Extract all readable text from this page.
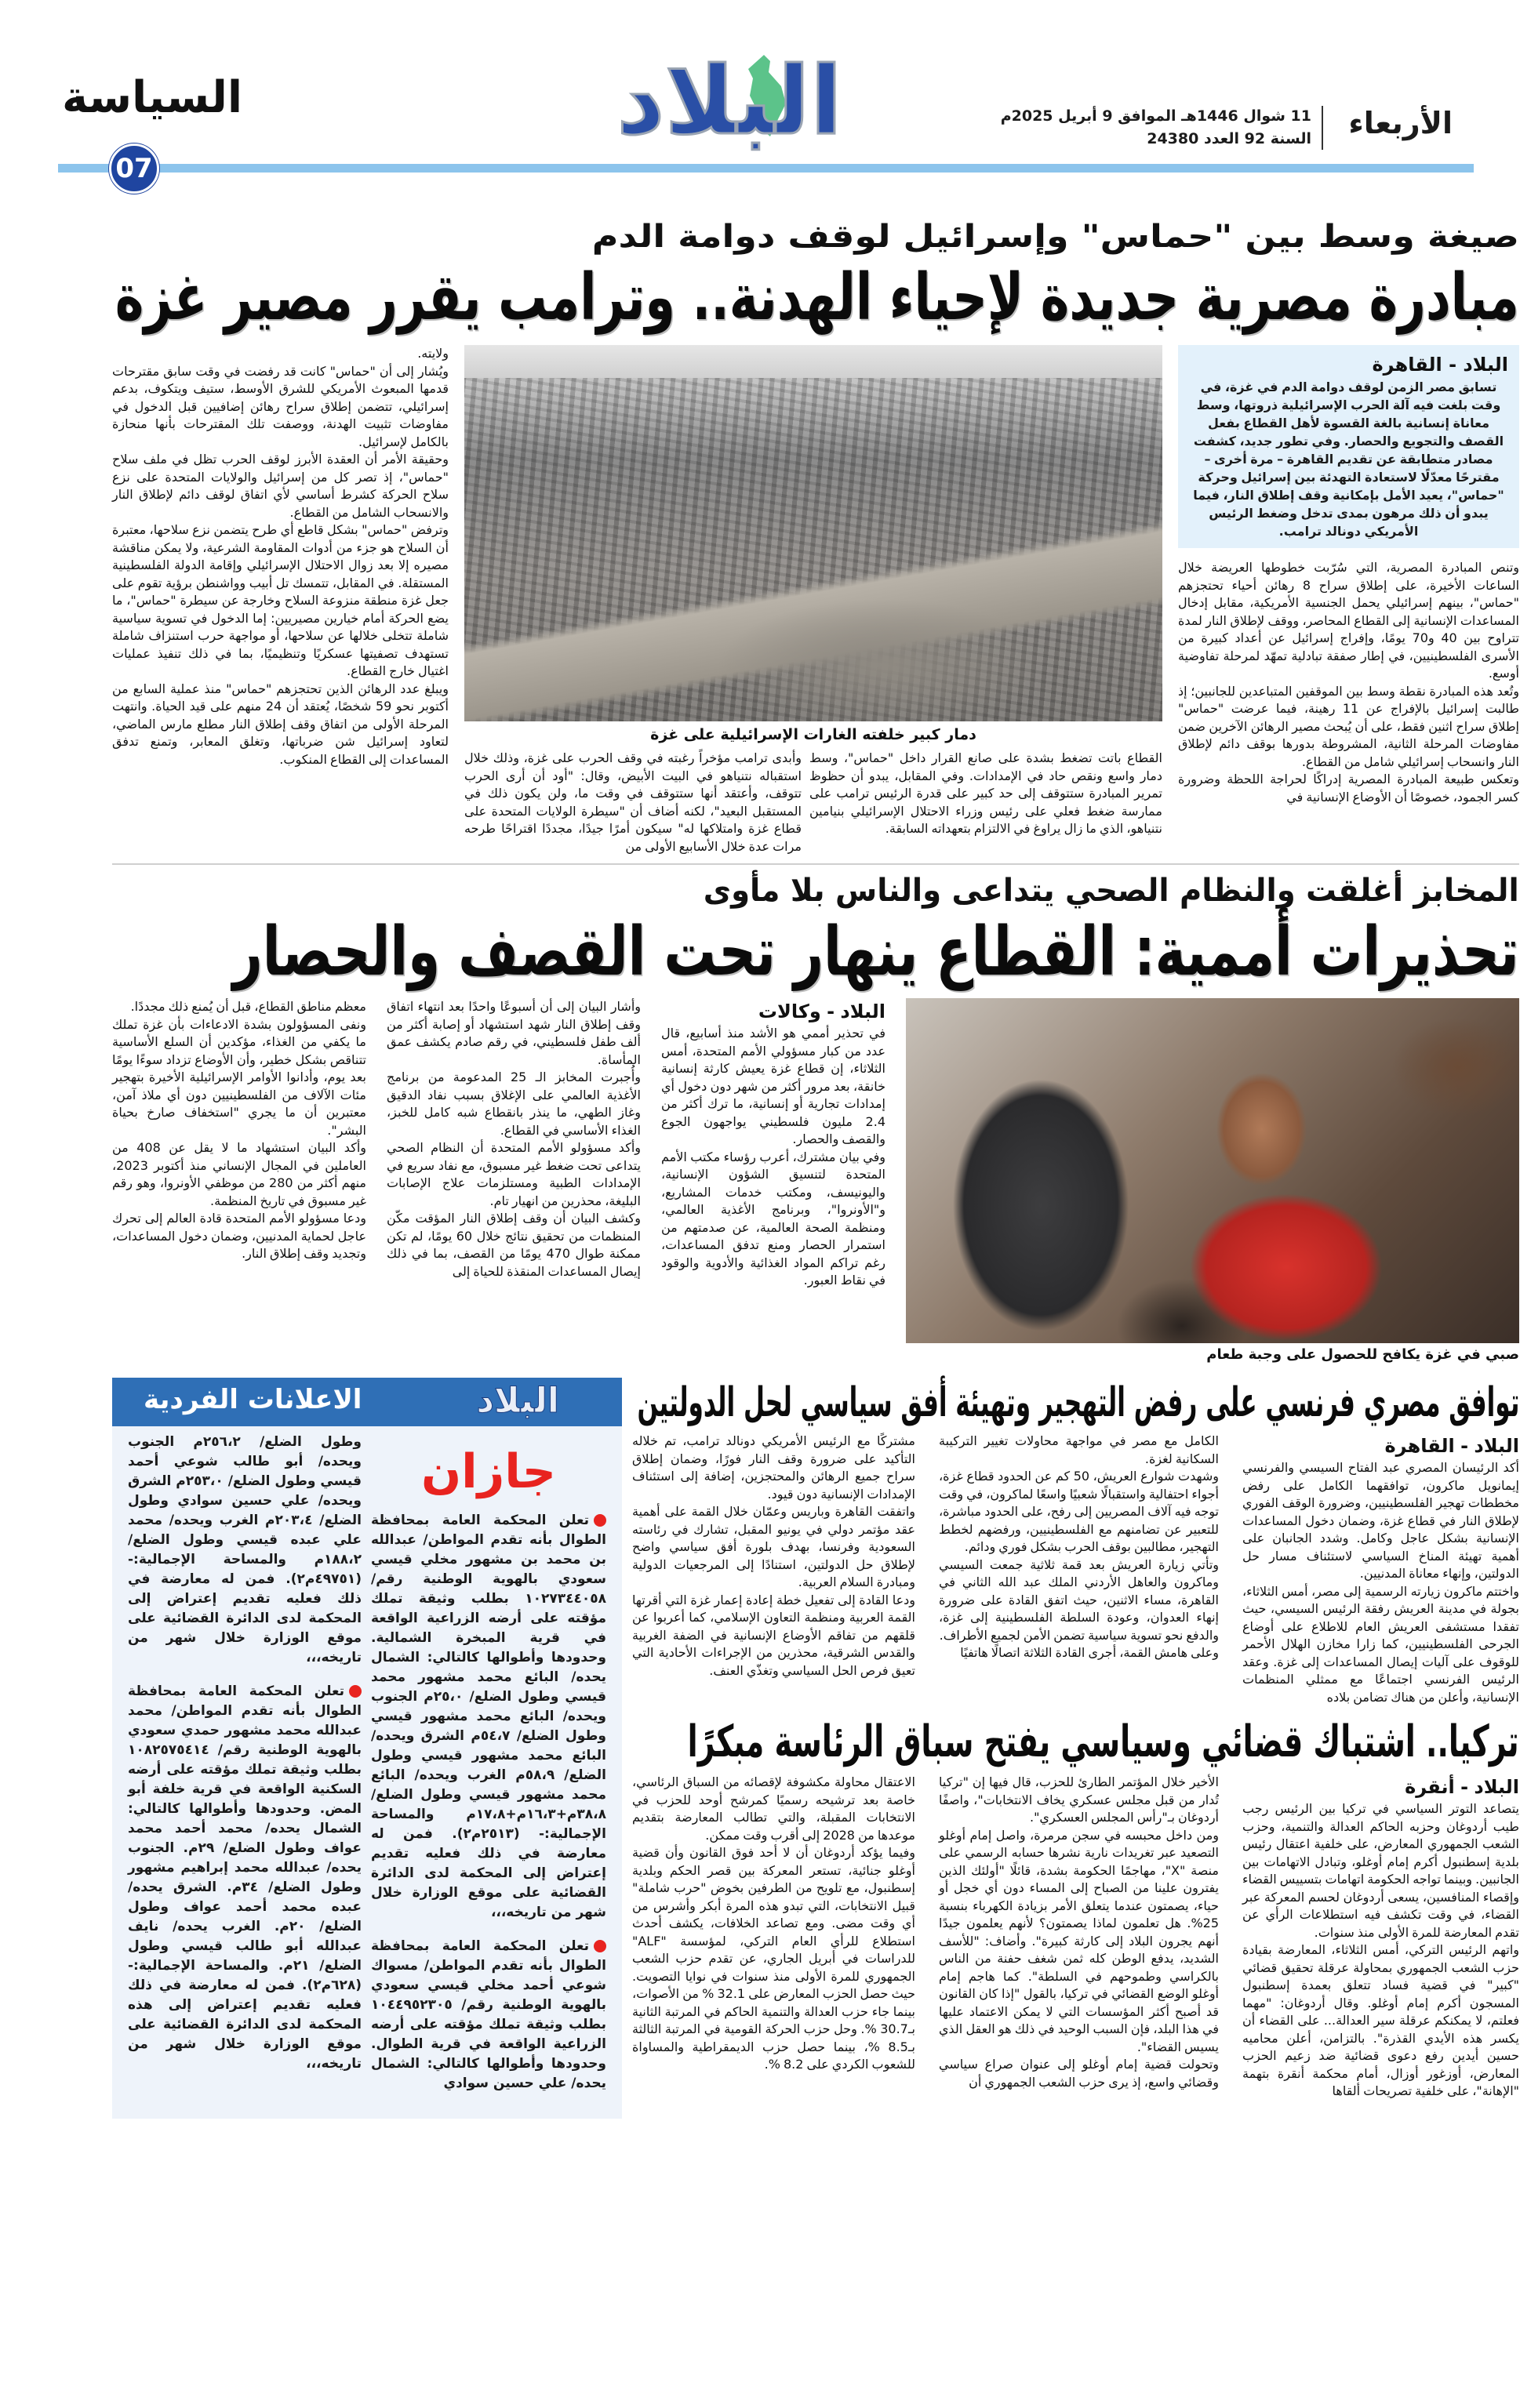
السياسة	البلاد	الأربعاء
11 شوال 1446هـ الموافق 9 أبريل 2025م
السنة 92 العدد 24380
07
صيغة وسط بين "حماس" وإسرائيل لوقف دوامة الدم
مبادرة مصرية جديدة لإحياء الهدنة.. وترامب يقرر مصير غزة
البلاد - القاهرة
تسابق مصر الزمن لوقف دوامة الدم في غزة، في وقت بلغت فيه آلة الحرب الإسرائيلية ذروتها، وسط معاناة إنسانية بالغة القسوة لأهل القطاع بفعل القصف والتجويع والحصار. وفي تطور جديد، كشفت مصادر متطابقة عن تقديم القاهرة – مرة أخرى – مقترحًا معدّلًا لاستعادة التهدئة بين إسرائيل وحركة "حماس"، يعيد الأمل بإمكانية وقف إطلاق النار، فيما يبدو أن ذلك مرهون بمدى تدخل وضغط الرئيس الأمريكي دونالد ترامب.

وتنص المبادرة المصرية، التي سُرّبت خطوطها العريضة خلال الساعات الأخيرة، على إطلاق سراح 8 رهائن أحياء تحتجزهم "حماس"، بينهم إسرائيلي يحمل الجنسية الأمريكية، مقابل إدخال المساعدات الإنسانية إلى القطاع المحاصر، ووقف لإطلاق النار لمدة تتراوح بين 40 و70 يومًا، وإفراج إسرائيل عن أعداد كبيرة من الأسرى الفلسطينيين، في إطار صفقة تبادلية تمهّد لمرحلة تفاوضية أوسع.

وتُعد هذه المبادرة نقطة وسط بين الموقفين المتباعدين للجانبين؛ إذ طالبت إسرائيل بالإفراج عن 11 رهينة، فيما عرضت "حماس" إطلاق سراح اثنين فقط، على أن يُبحث مصير الرهائن الآخرين ضمن مفاوضات المرحلة الثانية، المشروطة بدورها بوقف دائم لإطلاق النار وانسحاب إسرائيلي شامل من القطاع.

وتعكس طبيعة المبادرة المصرية إدراكًا لحراجة اللحظة وضرورة كسر الجمود، خصوصًا أن الأوضاع الإنسانية في

دمار كبير خلفته الغارات الإسرائيلية على غزة

القطاع باتت تضغط بشدة على صانع القرار داخل "حماس"، وسط دمار واسع ونقص حاد في الإمدادات. وفي المقابل، يبدو أن حظوظ تمرير المبادرة ستتوقف إلى حد كبير على قدرة الرئيس ترامب على ممارسة ضغط فعلي على رئيس وزراء الاحتلال الإسرائيلي بنيامين نتنياهو، الذي ما زال يراوغ في الالتزام بتعهداته السابقة.

وأبدى ترامب مؤخراً رغبته في وقف الحرب على غزة، وذلك خلال استقباله نتنياهو في البيت الأبيض، وقال: "أود أن أرى الحرب تتوقف، وأعتقد أنها ستتوقف في وقت ما، ولن يكون ذلك في المستقبل البعيد"، لكنه أضاف أن "سيطرة الولايات المتحدة على قطاع غزة وامتلاكها له" سيكون أمرًا جيدًا، مجددًا اقتراحًا طرحه مرات عدة خلال الأسابيع الأولى من

ولايته.

ويُشار إلى أن "حماس" كانت قد رفضت في وقت سابق مقترحات قدمها المبعوث الأمريكي للشرق الأوسط، ستيف ويتكوف، بدعم إسرائيلي، تتضمن إطلاق سراح رهائن إضافيين قبل الدخول في مفاوضات تثبيت الهدنة، ووصفت تلك المقترحات بأنها منحازة بالكامل لإسرائيل.

وحقيقة الأمر أن العقدة الأبرز لوقف الحرب تظل في ملف سلاح "حماس"، إذ تصر كل من إسرائيل والولايات المتحدة على نزع سلاح الحركة كشرط أساسي لأي اتفاق لوقف دائم لإطلاق النار والانسحاب الشامل من القطاع.

وترفض "حماس" بشكل قاطع أي طرح يتضمن نزع سلاحها، معتبرة أن السلاح هو جزء من أدوات المقاومة الشرعية، ولا يمكن مناقشة مصيره إلا بعد زوال الاحتلال الإسرائيلي وإقامة الدولة الفلسطينية المستقلة. في المقابل، تتمسك تل أبيب وواشنطن برؤية تقوم على جعل غزة منطقة منزوعة السلاح وخارجة عن سيطرة "حماس"، ما يضع الحركة أمام خيارين مصيريين: إما الدخول في تسوية سياسية شاملة تتخلى خلالها عن سلاحها، أو مواجهة حرب استنزاف شاملة تستهدف تصفيتها عسكريًا وتنظيميًا، بما في ذلك تنفيذ عمليات اغتيال خارج القطاع.

ويبلغ عدد الرهائن الذين تحتجزهم "حماس" منذ عملية السابع من أكتوبر نحو 59 شخصًا، يُعتقد أن 24 منهم على قيد الحياة. وانتهت المرحلة الأولى من اتفاق وقف إطلاق النار مطلع مارس الماضي، لتعاود إسرائيل شن ضرباتها، وتغلق المعابر، وتمنع تدفق المساعدات إلى القطاع المنكوب.

المخابز أغلقت والنظام الصحي يتداعى والناس بلا مأوى
تحذيرات أممية: القطاع ينهار تحت القصف والحصار
صبي في غزة يكافح للحصول على وجبة طعام
البلاد - وكالات

في تحذير أممي هو الأشد منذ أسابيع، قال عدد من كبار مسؤولي الأمم المتحدة، أمس الثلاثاء، إن قطاع غزة يعيش كارثة إنسانية خانقة، بعد مرور أكثر من شهر دون دخول أي إمدادات تجارية أو إنسانية، ما ترك أكثر من 2.4 مليون فلسطيني يواجهون الجوع والقصف والحصار.

وفي بيان مشترك، أعرب رؤساء مكتب الأمم المتحدة لتنسيق الشؤون الإنسانية، واليونيسف، ومكتب خدمات المشاريع، و"الأونروا"، وبرنامج الأغذية العالمي، ومنظمة الصحة العالمية، عن صدمتهم من استمرار الحصار ومنع تدفق المساعدات، رغم تراكم المواد الغذائية والأدوية والوقود في نقاط العبور.

وأشار البيان إلى أن أسبوعًا واحدًا بعد انتهاء اتفاق وقف إطلاق النار شهد استشهاد أو إصابة أكثر من ألف طفل فلسطيني، في رقم صادم يكشف عمق المأساة.

وأُجبرت المخابز الـ 25 المدعومة من برنامج الأغذية العالمي على الإغلاق بسبب نفاد الدقيق وغاز الطهي، ما ينذر بانقطاع شبه كامل للخبز، الغذاء الأساسي في القطاع.

وأكد مسؤولو الأمم المتحدة أن النظام الصحي يتداعى تحت ضغط غير مسبوق، مع نفاد سريع في الإمدادات الطبية ومستلزمات علاج الإصابات البليغة، محذرين من انهيار تام.

وكشف البيان أن وقف إطلاق النار المؤقت مكّن المنظمات من تحقيق نتائج خلال 60 يومًا، لم تكن ممكنة طوال 470 يومًا من القصف، بما في ذلك إيصال المساعدات المنقذة للحياة إلى

معظم مناطق القطاع، قبل أن يُمنع ذلك مجددًا.

ونفى المسؤولون بشدة الادعاءات بأن غزة تملك ما يكفي من الغذاء، مؤكدين أن السلع الأساسية تتناقص بشكل خطير، وأن الأوضاع تزداد سوءًا يومًا بعد يوم، وأدانوا الأوامر الإسرائيلية الأخيرة بتهجير مئات الآلاف من الفلسطينيين دون أي ملاذ آمن، معتبرين أن ما يجري "استخفاف صارخ بحياة البشر".

وأكد البيان استشهاد ما لا يقل عن 408 من العاملين في المجال الإنساني منذ أكتوبر 2023، منهم أكثر من 280 من موظفي الأونروا، وهو رقم غير مسبوق في تاريخ المنظمة.

ودعا مسؤولو الأمم المتحدة قادة العالم إلى تحرك عاجل لحماية المدنيين، وضمان دخول المساعدات، وتجديد وقف إطلاق النار.

توافق مصري فرنسي على رفض التهجير وتهيئة أفق سياسي لحل الدولتين
البلاد - القاهرة

أكد الرئيسان المصري عبد الفتاح السيسي والفرنسي إيمانويل ماكرون، توافقهما الكامل على رفض مخططات تهجير الفلسطينيين، وضرورة الوقف الفوري لإطلاق النار في قطاع غزة، وضمان دخول المساعدات الإنسانية بشكل عاجل وكامل. وشدد الجانبان على أهمية تهيئة المناخ السياسي لاستئناف مسار حل الدولتين، وإنهاء معاناة المدنيين.

واختتم ماكرون زيارته الرسمية إلى مصر، أمس الثلاثاء، بجولة في مدينة العريش رفقة الرئيس السيسي، حيث تفقدا مستشفى العريش العام للاطلاع على أوضاع الجرحى الفلسطينيين، كما زارا مخازن الهلال الأحمر للوقوف على آليات إيصال المساعدات إلى غزة. وعقد الرئيس الفرنسي اجتماعًا مع ممثلي المنظمات الإنسانية، وأعلن من هناك تضامن بلاده

الكامل مع مصر في مواجهة محاولات تغيير التركيبة السكانية لغزة.

وشهدت شوارع العريش، 50 كم عن الحدود قطاع غزة، أجواء احتفالية واستقبالًا شعبيًا واسعًا لماكرون، في وقت توجه فيه آلاف المصريين إلى رفح، على الحدود مباشرة، للتعبير عن تضامنهم مع الفلسطينيين، ورفضهم لخطط التهجير، مطالبين بوقف الحرب بشكل فوري ودائم.

وتأتي زيارة العريش بعد قمة ثلاثية جمعت السيسي وماكرون والعاهل الأردني الملك عبد الله الثاني في القاهرة، مساء الاثنين، حيث اتفق القادة على ضرورة إنهاء العدوان، وعودة السلطة الفلسطينية إلى غزة، والدفع نحو تسوية سياسية تضمن الأمن لجميع الأطراف.

وعلى هامش القمة، أجرى القادة الثلاثة اتصالًا هاتفيًا

مشتركًا مع الرئيس الأمريكي دونالد ترامب، تم خلاله التأكيد على ضرورة وقف النار فورًا، وضمان إطلاق سراح جميع الرهائن والمحتجزين، إضافة إلى استئناف الإمدادات الإنسانية دون قيود.

واتفقت القاهرة وباريس وعمّان خلال القمة على أهمية عقد مؤتمر دولي في يونيو المقبل، تشارك في رئاسته السعودية وفرنسا، بهدف بلورة أفق سياسي واضح لإطلاق حل الدولتين، استنادًا إلى المرجعيات الدولية ومبادرة السلام العربية.

ودعا القادة إلى تفعيل خطة إعادة إعمار غزة التي أقرتها القمة العربية ومنظمة التعاون الإسلامي، كما أعربوا عن قلقهم من تفاقم الأوضاع الإنسانية في الضفة الغربية والقدس الشرقية، محذرين من الإجراءات الأحادية التي تعيق فرص الحل السياسي وتغذّي العنف.

تركيا.. اشتباك قضائي وسياسي يفتح سباق الرئاسة مبكرًا
البلاد - أنقرة

يتصاعد التوتر السياسي في تركيا بين الرئيس رجب طيب أردوغان وحزبه الحاكم العدالة والتنمية، وحزب الشعب الجمهوري المعارض، على خلفية اعتقال رئيس بلدية إسطنبول أكرم إمام أوغلو، وتبادل الاتهامات بين الجانبين. وبينما تواجه الحكومة اتهامات بتسييس القضاء وإقصاء المنافسين، يسعى أردوغان لحسم المعركة عبر القضاء، في وقت تكشف فيه استطلاعات الرأي عن تقدم المعارضة للمرة الأولى منذ سنوات.

واتهم الرئيس التركي، أمس الثلاثاء، المعارضة بقيادة حزب الشعب الجمهوري بمحاولة عرقلة تحقيق قضائي "كبير" في قضية فساد تتعلق بعمدة إسطنبول المسجون أكرم إمام أوغلو. وقال أردوغان: "مهما فعلتم، لا يمكنكم عرقلة سير العدالة... على القضاء أن يكسر هذه الأيدي القذرة". بالتزامن، أعلن محاميه حسين أيدين رفع دعوى قضائية ضد زعيم الحزب المعارض، أوزغور أوزال، أمام محكمة أنقرة بتهمة "الإهانة"، على خلفية تصريحات ألقاها

الأخير خلال المؤتمر الطارئ للحزب، قال فيها إن "تركيا تُدار من قبل مجلس عسكري يخاف الانتخابات"، واصفًا أردوغان بـ"رأس المجلس العسكري".

ومن داخل محبسه في سجن مرمرة، واصل إمام أوغلو التصعيد عبر تغريدات نارية نشرها حسابه الرسمي على منصة "X"، مهاجمًا الحكومة بشدة، قائلًا "أولئك الذين يفترون علينا من الصباح إلى المساء دون أي خجل أو حياء، يصمتون عندما يتعلق الأمر بزيادة الكهرباء بنسبة 25%. هل تعلمون لماذا يصمتون؟ لأنهم يعلمون جيدًا أنهم يجرون البلاد إلى كارثة كبيرة". وأضاف: "للأسف الشديد، يدفع الوطن كله ثمن شغف حفنة من الناس بالكراسي وطموحهم في السلطة". كما هاجم إمام أوغلو الوضع القضائي في تركيا، بالقول "إذا كان القانون قد أصبح أكثر المؤسسات التي لا يمكن الاعتماد عليها في هذا البلد، فإن السبب الوحيد في ذلك هو العقل الذي يسيس القضاء".

وتحولت قضية إمام أوغلو إلى عنوان صراع سياسي وقضائي واسع، إذ يرى حزب الشعب الجمهوري أن

الاعتقال محاولة مكشوفة لإقصائه من السباق الرئاسي، خاصة بعد ترشيحه رسميًا كمرشح أوحد للحزب في الانتخابات المقبلة، والتي تطالب المعارضة بتقديم موعدها من 2028 إلى أقرب وقت ممكن.

وفيما يؤكد أردوغان أن لا أحد فوق القانون وأن قضية أوغلو جنائية، تستعر المعركة بين قصر الحكم وبلدية إسطنبول، مع تلويح من الطرفين بخوض "حرب شاملة" قبيل الانتخابات، التي تبدو هذه المرة أبكر وأشرس من أي وقت مضى. ومع تصاعد الخلافات، يكشف أحدث استطلاع للرأي العام التركي، لمؤسسة "ALF" للدراسات في أبريل الجاري، عن تقدم حزب الشعب الجمهوري للمرة الأولى منذ سنوات في نوايا التصويت. حيث حصل الحزب المعارض على 32.1 % من الأصوات، بينما جاء حزب العدالة والتنمية الحاكم في المرتبة الثانية بـ30.7 %. وحل حزب الحركة القومية في المرتبة الثالثة بـ8.5 %، بينما حصل حزب الديمقراطية والمساواة للشعوب الكردي على 8.2 %.

الاعلانات الفردية	البلاد
جازان
تعلن المحكمة العامة بمحافظة الطوال بأنه تقدم المواطن/ عبدالله بن محمد بن مشهور مخلي قيسي سعودي بالهوية الوطنية رقم/ ١٠٢٧٣٤٤٠٥٨ بطلب وثيقة تملك مؤقته على أرضه الزراعية الواقعة في قرية المبخرة الشمالية. وحدودها وأطوالها كالتالي: الشمال يحده/ البائع محمد مشهور محمد قيسي وطول الضلع/ ٢٥،٠م الجنوب ويحده/ البائع محمد مشهور قيسي وطول الضلع/ ٥٤،٧م الشرق ويحده/ البائع محمد مشهور قيسي وطول الضلع/ ٥٨،٩م الغرب ويحده/ البائع محمد مشهور قيسي وطول الضلع/ ٣٨،٨م+١٦،٣م+١٧،٨م والمساحة الإجمالية:- (٢٥١٣م٢). فمن له معارضة في ذلك فعليه تقديم إعتراض إلى المحكمة لدى الدائرة القضائية على موقع الوزارة خلال شهر من تاريخه،،،
تعلن المحكمة العامة بمحافظة الطوال بأنه تقدم المواطن/ مسواك شوعي أحمد مخلي قيسي سعودي بالهوية الوطنية رقم/ ١٠٤٤٩٥٢٣٠٥ بطلب وثيقة تملك مؤقته على أرضه الزراعية الواقعة في قرية الطوال. وحدودها وأطوالها كالتالي: الشمال يحده/ علي حسين سوادي
وطول الضلع/ ٢٥٦،٢م الجنوب ويحده/ أبو طالب شوعي أحمد قيسي وطول الضلع/ ٢٥٣،٠م الشرق ويحده/ علي حسين سوادي وطول الضلع/ ٢٠٣،٤م الغرب ويحده/ محمد علي عبده قيسي وطول الضلع/ ١٨٨،٢م والمساحة الإجمالية:- (٤٩٧٥١م٢). فمن له معارضة في ذلك فعليه تقديم إعتراض إلى المحكمة لدى الدائرة القضائية على موقع الوزارة خلال شهر من تاريخه،،،
تعلن المحكمة العامة بمحافظة الطوال بأنه تقدم المواطن/ محمد عبدالله محمد مشهور حمدي سعودي بالهوية الوطنية رقم/ ١٠٨٢٥٧٥٤١٤ بطلب وثيقة تملك مؤقته على أرضه السكنية الواقعة في قرية خلفة أبو المض. وحدودها وأطوالها كالتالي: الشمال يحده/ محمد أحمد محمد عواف وطول الضلع/ ٢٩م. الجنوب يحده/ عبدالله محمد إبراهيم مشهور وطول الضلع/ ٣٤م. الشرق يحده/ عبده محمد أحمد عواف وطول الضلع/ ٢٠م. الغرب يحده/ نايف عبدالله أبو طالب قيسي وطول الضلع/ ٢١م. والمساحة الإجمالية:- (٦٢٨م٢). فمن له معارضة في ذلك فعليه تقديم إعتراض إلى هذه المحكمة لدى الدائرة القضائية على موقع الوزارة خلال شهر من تاريخه،،،
